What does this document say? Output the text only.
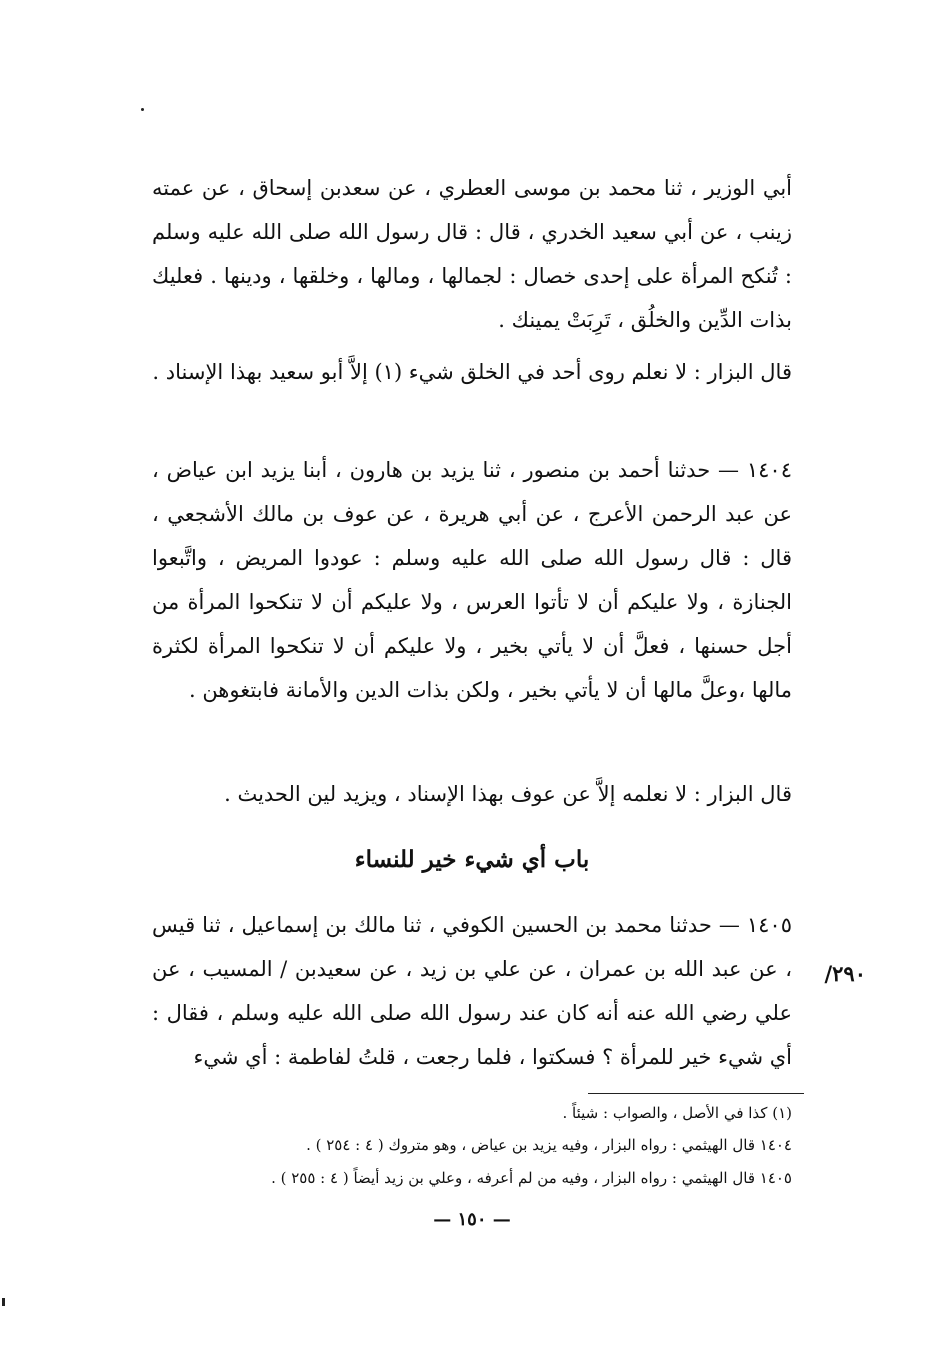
أبي الوزير ، ثنا محمد بن موسى العطري ، عن سعدبن إسحاق ، عن عمته زينب ، عن أبي سعيد الخدري ، قال : قال رسول الله صلى الله عليه وسلم : تُنكح المرأة على إحدى خصال : لجمالها ، ومالها ، وخلقها ، ودينها . فعليك بذات الدِّين والخلُق ، تَرِبَتْ يمينك .

قال البزار : لا نعلم روى أحد في الخلق شيء (١) إلاَّ أبو سعيد بهذا الإسناد .

١٤٠٤ — حدثنا أحمد بن منصور ، ثنا يزيد بن هارون ، أبنا يزيد ابن عياض ، عن عبد الرحمن الأعرج ، عن أبي هريرة ، عن عوف بن مالك الأشجعي ، قال : قال رسول الله صلى الله عليه وسلم : عودوا المريض ، واتَّبعوا الجنازة ، ولا عليكم أن لا تأتوا العرس ، ولا عليكم أن لا تنكحوا المرأة من أجل حسنها ، فعلَّ أن لا يأتي بخير ، ولا عليكم أن لا تنكحوا المرأة لكثرة مالها ،وعلَّ مالها أن لا يأتي بخير ، ولكن بذات الدين والأمانة فابتغوهن .

قال البزار : لا نعلمه إلاَّ عن عوف بهذا الإسناد ، ويزيد لين الحديث .

باب أي شيء خير للنساء

١٤٠٥ — حدثنا محمد بن الحسين الكوفي ، ثنا مالك بن إسماعيل ، ثنا قيس ، عن عبد الله بن عمران ، عن علي بن زيد ، عن سعيدبن / المسيب ، عن علي رضي الله عنه أنه كان عند رسول الله صلى الله عليه وسلم ، فقال : أي شيء خير للمرأة ؟ فسكتوا ، فلما رجعت ، قلتُ لفاطمة : أي شيء

٢٩٠/

(١) كذا في الأصل ، والصواب : شيئاً .

١٤٠٤ قال الهيثمي : رواه البزار ، وفيه يزيد بن عياض ، وهو متروك ( ٤ : ٢٥٤ ) .

١٤٠٥ قال الهيثمي : رواه البزار ، وفيه من لم أعرفه ، وعلي بن زيد أيضاً ( ٤ : ٢٥٥ ) .

— ١٥٠ —
